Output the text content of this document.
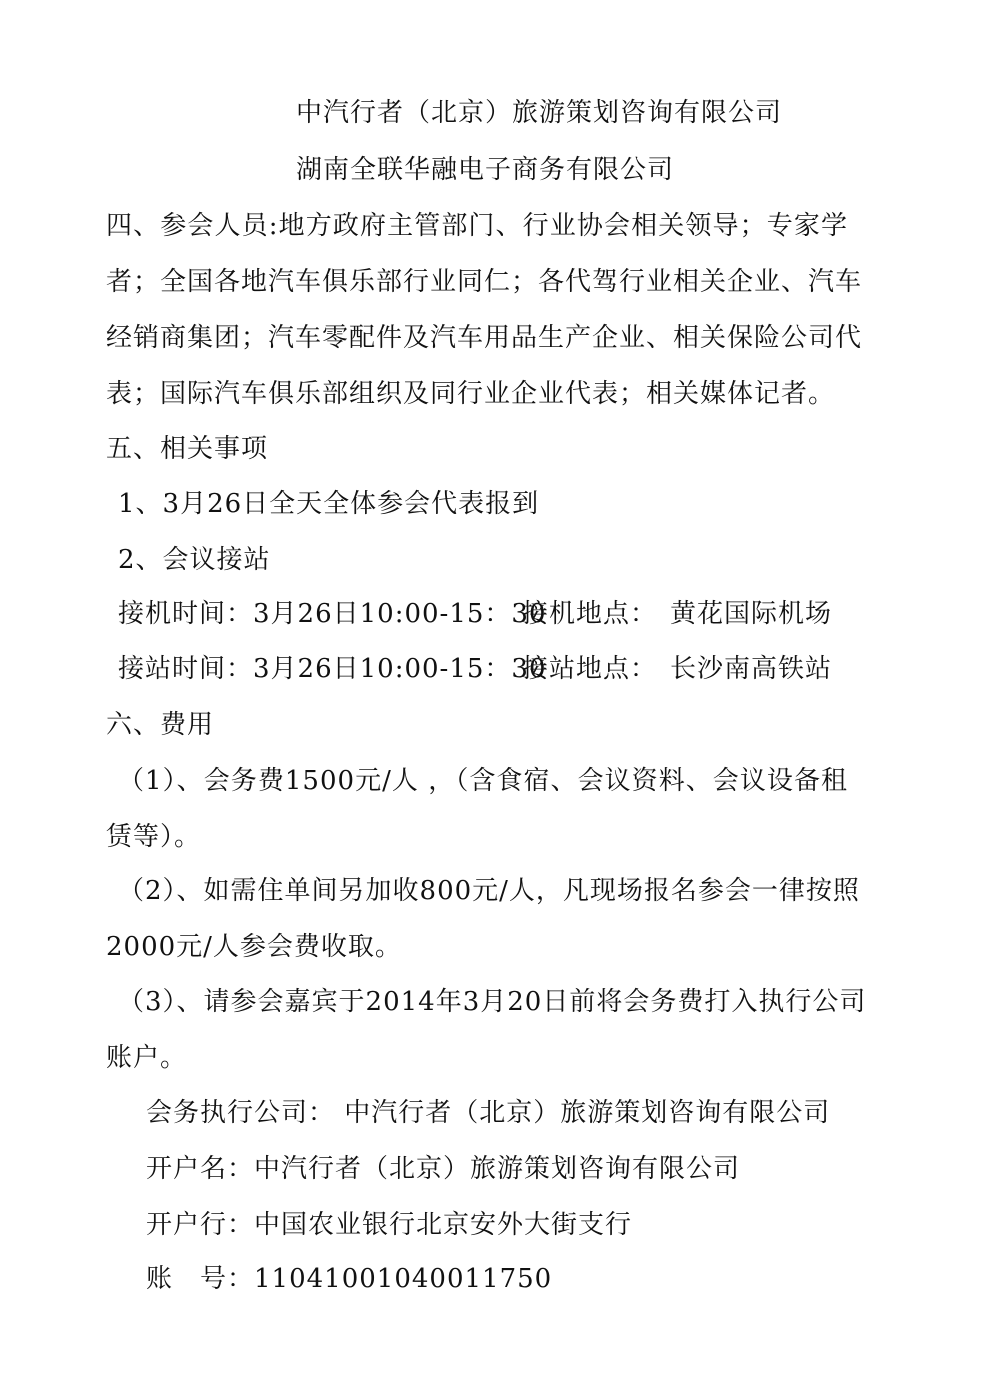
中汽行者（北京）旅游策划咨询有限公司
湖南全联华融电子商务有限公司
四、参会人员:地方政府主管部门、行业协会相关领导；专家学
者；全国各地汽车俱乐部行业同仁；各代驾行业相关企业、汽车
经销商集团；汽车零配件及汽车用品生产企业、相关保险公司代
表；国际汽车俱乐部组织及同行业企业代表；相关媒体记者。
五、相关事项
1、3月26日全天全体参会代表报到
2、会议接站
接机时间：3月26日10:00-15：30
接机地点： 黄花国际机场
接站时间：3月26日10:00-15：30
接站地点： 长沙南高铁站
六、费用
（1）、会务费1500元/人 ，（含食宿、会议资料、会议设备租
赁等）。
（2）、如需住单间另加收800元/人，凡现场报名参会一律按照
2000元/人参会费收取。
（3）、请参会嘉宾于2014年3月20日前将会务费打入执行公司
账户。
会务执行公司： 中汽行者（北京）旅游策划咨询有限公司
开户名：中汽行者（北京）旅游策划咨询有限公司
开户行：中国农业银行北京安外大街支行
账　号： 11041001040011750
